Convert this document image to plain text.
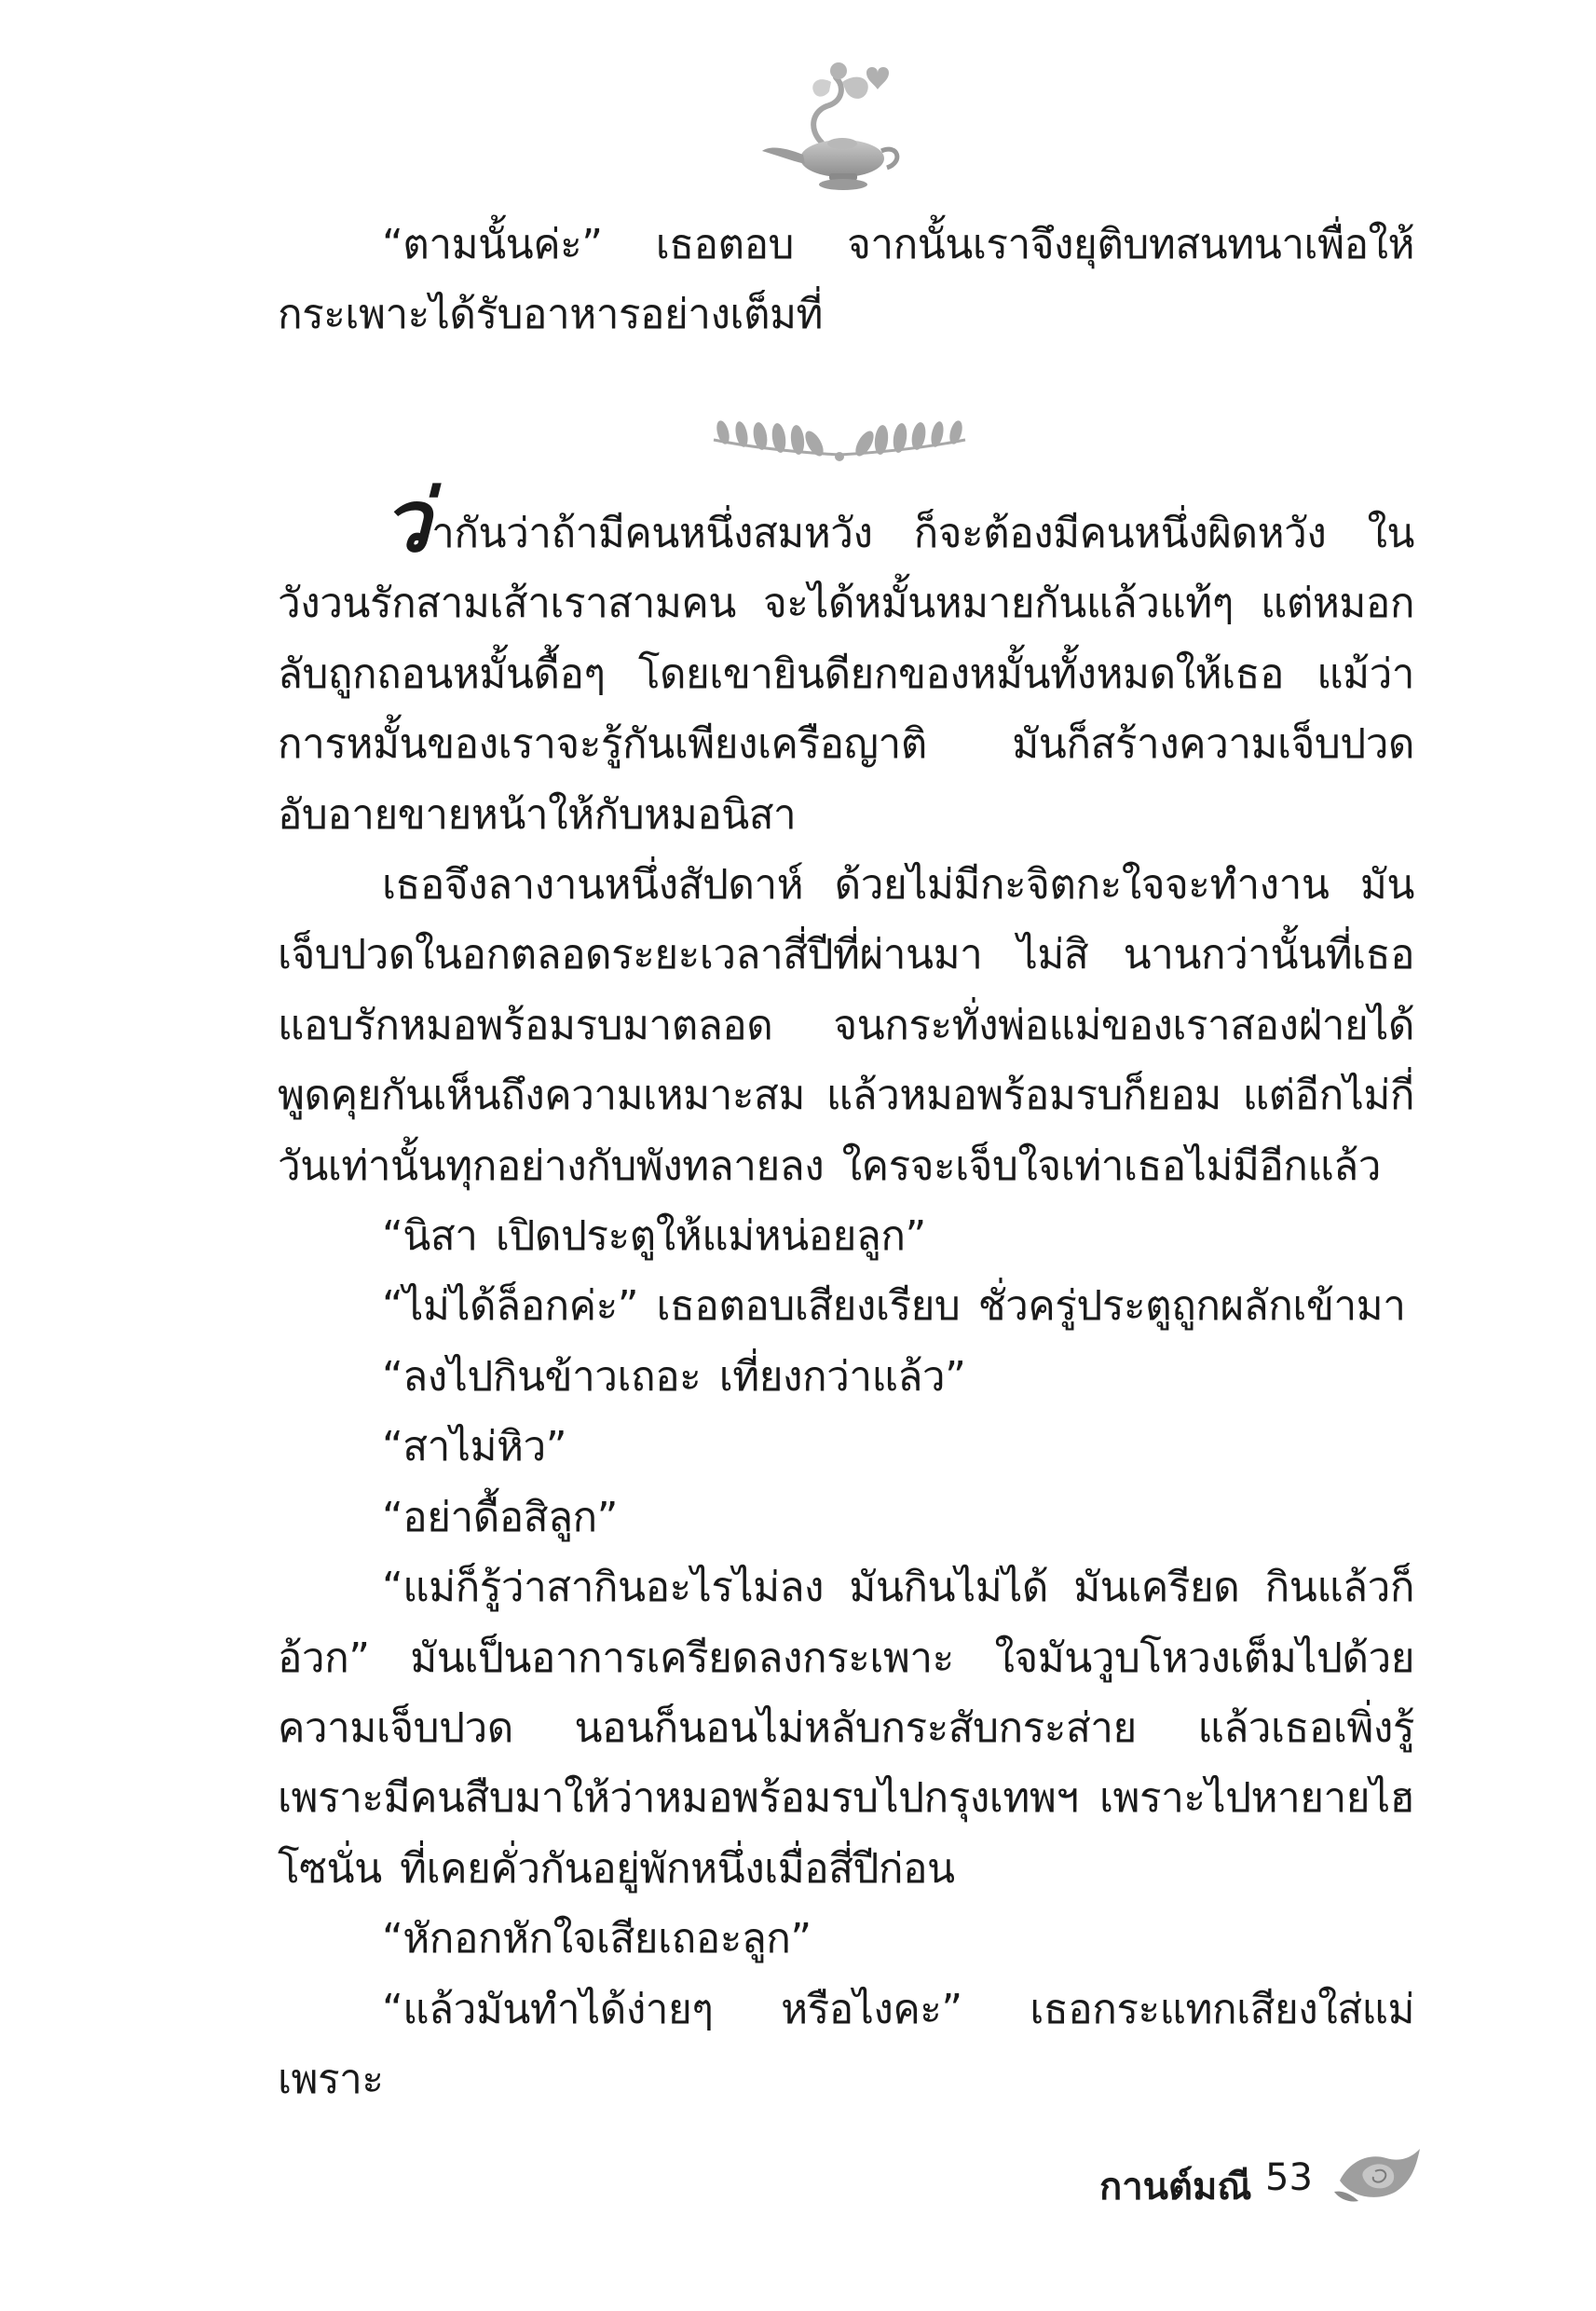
“ตามนั้นค่ะ” เธอตอบ จากนั้นเราจึงยุติบทสนทนาเพื่อให้กระเพาะได้รับอาหารอย่างเต็มที่

ว่ากันว่าถ้ามีคนหนึ่งสมหวัง ก็จะต้องมีคนหนึ่งผิดหวัง ในวังวนรักสามเส้าเราสามคน จะได้หมั้นหมายกันแล้วแท้ๆ แต่หมอกลับถูกถอนหมั้นดื้อๆ โดยเขายินดียกของหมั้นทั้งหมดให้เธอ แม้ว่าการหมั้นของเราจะรู้กันเพียงเครือญาติ มันก็สร้างความเจ็บปวดอับอายขายหน้าให้กับหมอนิสา

เธอจึงลางานหนึ่งสัปดาห์ ด้วยไม่มีกะจิตกะใจจะทำงาน มันเจ็บปวดในอกตลอดระยะเวลาสี่ปีที่ผ่านมา ไม่สิ นานกว่านั้นที่เธอแอบรักหมอพร้อมรบมาตลอด จนกระทั่งพ่อแม่ของเราสองฝ่ายได้พูดคุยกันเห็นถึงความเหมาะสม แล้วหมอพร้อมรบก็ยอม แต่อีกไม่กี่วันเท่านั้นทุกอย่างกับพังทลายลง ใครจะเจ็บใจเท่าเธอไม่มีอีกแล้ว

“นิสา เปิดประตูให้แม่หน่อยลูก”

“ไม่ได้ล็อกค่ะ” เธอตอบเสียงเรียบ ชั่วครู่ประตูถูกผลักเข้ามา

“ลงไปกินข้าวเถอะ เที่ยงกว่าแล้ว”

“สาไม่หิว”

“อย่าดื้อสิลูก”

“แม่ก็รู้ว่าสากินอะไรไม่ลง มันกินไม่ได้ มันเครียด กินแล้วก็อ้วก” มันเป็นอาการเครียดลงกระเพาะ ใจมันวูบโหวงเต็มไปด้วยความเจ็บปวด นอนก็นอนไม่หลับกระสับกระส่าย แล้วเธอเพิ่งรู้เพราะมีคนสืบมาให้ว่าหมอพร้อมรบไปกรุงเทพฯ เพราะไปหายายไฮโซนั่น ที่เคยคั่วกันอยู่พักหนึ่งเมื่อสี่ปีก่อน

“หักอกหักใจเสียเถอะลูก”

“แล้วมันทำได้ง่ายๆ หรือไงคะ” เธอกระแทกเสียงใส่แม่ เพราะ

กานต์มณี 53
